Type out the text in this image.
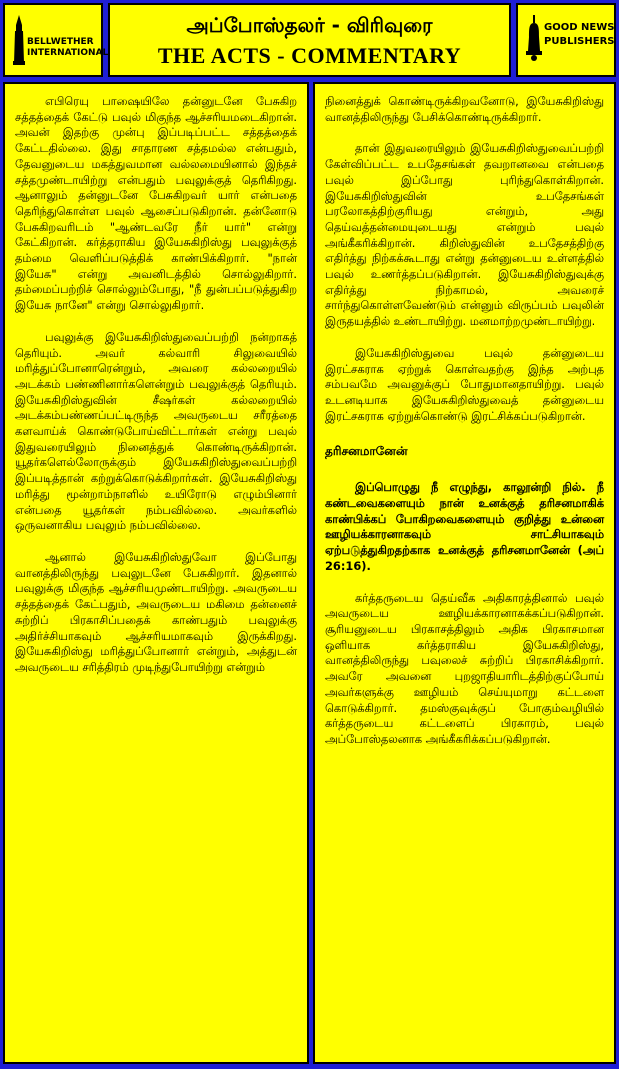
BELLWETHER INTERNATIONAL
அப்போஸ்தலர் - விரிவுரை
THE ACTS - COMMENTARY
GOOD NEWS PUBLISHERS

எபிரெயு பாஷையிலே தன்னுடனே பேசுகிற சத்தத்தைக் கேட்டு பவுல் மிகுந்த ஆச்சரியமடைகிறான். அவன் இதற்கு முன்பு இப்படிப்பட்ட சத்தத்தைக் கேட்டதில்லை. இது சாதாரண சத்தமல்ல என்பதும், தேவனுடைய மகத்துவமான வல்லமையினால் இந்தச் சத்தமுண்டாயிற்று என்பதும் பவுலுக்குத் தெரிகிறது. ஆனாலும் தன்னுடனே பேசுகிறவர் யார் என்பதை தெரிந்துகொள்ள பவுல் ஆசைப்படுகிறான். தன்னோடு பேசுகிறவரிடம் "ஆண்டவரே நீர் யார்" என்று கேட்கிறான். கர்த்தராகிய இயேசுகிறிஸ்து பவுலுக்குத் தம்மை வெளிப்படுத்திக் காண்பிக்கிறார். "நான் இயேசு" என்று அவனிடத்தில் சொல்லுகிறார். தம்மைப்பற்றிச் சொல்லும்போது, "நீ துன்பப்படுத்துகிற இயேசு நானே" என்று சொல்லுகிறார்.

பவுலுக்கு இயேசுகிறிஸ்துவைப்பற்றி நன்றாகத் தெரியும். அவர் கல்வாரி சிலுவையில் மரித்துப்போனாரென்றும், அவரை கல்லறையில் அடக்கம் பண்ணினார்களென்றும் பவுலுக்குத் தெரியும். இயேசுகிறிஸ்துவின் சீஷர்கள் கல்லறையில் அடக்கம்பண்ணப்பட்டிருந்த அவருடைய சரீரத்தை களவாய்க் கொண்டுபோய்விட்டார்கள் என்று பவுல் இதுவரையிலும் நினைத்துக் கொண்டிருக்கிறான். யூதர்களெல்லோருக்கும் இயேசுகிறிஸ்துவைப்பற்றி இப்படித்தான் கற்றுக்கொடுக்கிறார்கள். இயேசுகிறிஸ்து மரித்து மூன்றாம்நாளில் உயிரோடு எழும்பினார் என்பதை யூதர்கள் நம்பவில்லை. அவர்களில் ஒருவனாகிய பவுலும் நம்பவில்லை.

ஆனால் இயேசுகிறிஸ்துவோ இப்போது வானத்திலிருந்து பவுலுடனே பேசுகிறார். இதனால் பவுலுக்கு மிகுந்த ஆச்சரியமுண்டாயிற்று. அவருடைய சத்தத்தைக் கேட்பதும், அவருடைய மகிமை தன்னைச் சுற்றிப் பிரகாசிப்பதைக் காண்பதும் பவுலுக்கு அதிர்ச்சியாகவும் ஆச்சரியமாகவும் இருக்கிறது. இயேசுகிறிஸ்து மரித்துப்போனார் என்றும், அத்துடன் அவருடைய சரித்திரம் முடிந்துபோயிற்று என்றும்

நினைத்துக் கொண்டிருக்கிறவனோடு, இயேசுகிறிஸ்து வானத்திலிருந்து பேசிக்கொண்டிருக்கிறார்.

தான் இதுவரையிலும் இயேசுகிறிஸ்துவைப்பற்றி கேள்விப்பட்ட உபதேசங்கள் தவறானவை என்பதை பவுல் இப்போது புரிந்துகொள்கிறான். இயேசுகிறிஸ்துவின் உபதேசங்கள் பரலோகத்திற்குரியது என்றும், அது தெய்வத்தன்மையுடையது என்றும் பவுல் அங்கீகரிக்கிறான். கிறிஸ்துவின் உபதேசத்திற்கு எதிர்த்து நிற்கக்கூடாது என்று தன்னுடைய உள்ளத்தில் பவுல் உணர்த்தப்படுகிறான். இயேசுகிறிஸ்துவுக்கு எதிர்த்து நிற்காமல், அவரைச் சார்ந்துகொள்ளவேண்டும் என்னும் விருப்பம் பவுலின் இருதயத்தில் உண்டாயிற்று. மனமாற்றமுண்டாயிற்று.

இயேசுகிறிஸ்துவை பவுல் தன்னுடைய இரட்சகராக ஏற்றுக் கொள்வதற்கு இந்த அற்புத சம்பவமே அவனுக்குப் போதுமானதாயிற்று. பவுல் உடனடியாக இயேசுகிறிஸ்துவைத் தன்னுடைய இரட்சகராக ஏற்றுக்கொண்டு இரட்சிக்கப்படுகிறான்.

தரிசனமானேன்

இப்பொழுது நீ எழுந்து, காலூன்றி நில். நீ கண்டவைகளையும் நான் உனக்குத் தரிசனமாகிக் காண்பிக்கப் போகிறவைகளையும் குறித்து உன்னை ஊழியக்காரனாகவும் சாட்சியாகவும் ஏற்படுத்துகிறதற்காக உனக்குத் தரிசனமானேன் (அப் 26:16).

கர்த்தருடைய தெய்வீக அதிகாரத்தினால் பவுல் அவருடைய ஊழியக்காரனாகக்கப்படுகிறான். சூரியனுடைய பிரகாசத்திலும் அதிக பிரகாசமான ஒளியாக கர்த்தராகிய இயேசுகிறிஸ்து, வானத்திலிருந்து பவுலைச் சுற்றிப் பிரகாசிக்கிறார். அவரே அவனை புறஜாதியாரிடத்திற்குப்போய் அவர்களுக்கு ஊழியம் செய்யுமாறு கட்டளை கொடுக்கிறார். தமஸ்குவுக்குப் போகும்வழியில் கர்த்தருடைய கட்டளைப் பிரகாரம், பவுல் அப்போஸ்தலனாக அங்கீகரிக்கப்படுகிறான்.
